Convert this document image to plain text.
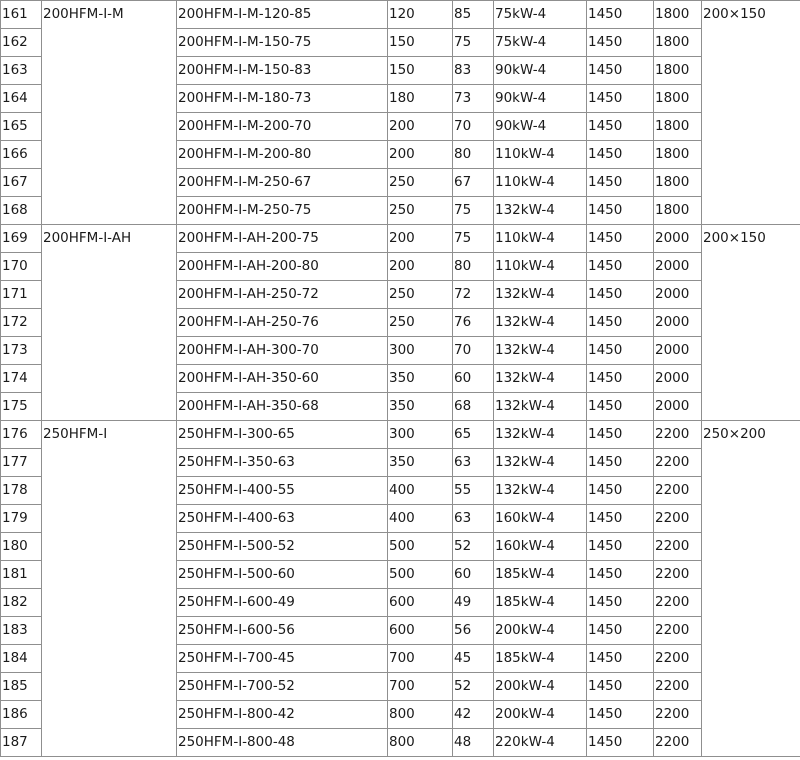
161	200HFM-I-M	200HFM-I-M-120-85	120	85	75kW-4	1450	1800	200×150
162		200HFM-I-M-150-75	150	75	75kW-4	1450	1800	
163		200HFM-I-M-150-83	150	83	90kW-4	1450	1800	
164		200HFM-I-M-180-73	180	73	90kW-4	1450	1800	
165		200HFM-I-M-200-70	200	70	90kW-4	1450	1800	
166		200HFM-I-M-200-80	200	80	110kW-4	1450	1800	
167		200HFM-I-M-250-67	250	67	110kW-4	1450	1800	
168		200HFM-I-M-250-75	250	75	132kW-4	1450	1800	
169	200HFM-I-AH	200HFM-I-AH-200-75	200	75	110kW-4	1450	2000	200×150
170		200HFM-I-AH-200-80	200	80	110kW-4	1450	2000	
171		200HFM-I-AH-250-72	250	72	132kW-4	1450	2000	
172		200HFM-I-AH-250-76	250	76	132kW-4	1450	2000	
173		200HFM-I-AH-300-70	300	70	132kW-4	1450	2000	
174		200HFM-I-AH-350-60	350	60	132kW-4	1450	2000	
175		200HFM-I-AH-350-68	350	68	132kW-4	1450	2000	
176	250HFM-I	250HFM-I-300-65	300	65	132kW-4	1450	2200	250×200
177		250HFM-I-350-63	350	63	132kW-4	1450	2200	
178		250HFM-I-400-55	400	55	132kW-4	1450	2200	
179		250HFM-I-400-63	400	63	160kW-4	1450	2200	
180		250HFM-I-500-52	500	52	160kW-4	1450	2200	
181		250HFM-I-500-60	500	60	185kW-4	1450	2200	
182		250HFM-I-600-49	600	49	185kW-4	1450	2200	
183		250HFM-I-600-56	600	56	200kW-4	1450	2200	
184		250HFM-I-700-45	700	45	185kW-4	1450	2200	
185		250HFM-I-700-52	700	52	200kW-4	1450	2200	
186		250HFM-I-800-42	800	42	200kW-4	1450	2200	
187		250HFM-I-800-48	800	48	220kW-4	1450	2200	
